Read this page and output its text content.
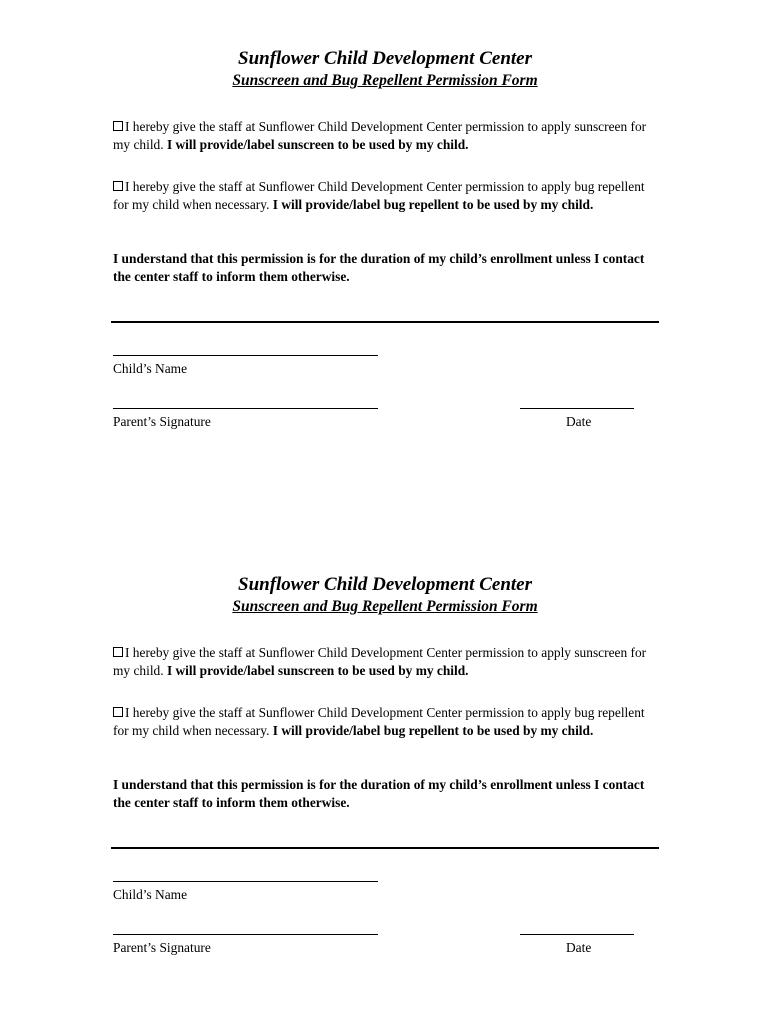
Sunflower Child Development Center
Sunscreen and Bug Repellent Permission Form

I hereby give the staff at Sunflower Child Development Center permission to apply sunscreen for my child. I will provide/label sunscreen to be used by my child.

I hereby give the staff at Sunflower Child Development Center permission to apply bug repellent for my child when necessary. I will provide/label bug repellent to be used by my child.

I understand that this permission is for the duration of my child’s enrollment unless I contact the center staff to inform them otherwise.

Child’s Name

Parent’s Signature	Date

Sunflower Child Development Center
Sunscreen and Bug Repellent Permission Form

I hereby give the staff at Sunflower Child Development Center permission to apply sunscreen for my child. I will provide/label sunscreen to be used by my child.

I hereby give the staff at Sunflower Child Development Center permission to apply bug repellent for my child when necessary. I will provide/label bug repellent to be used by my child.

I understand that this permission is for the duration of my child’s enrollment unless I contact the center staff to inform them otherwise.

Child’s Name

Parent’s Signature	Date
